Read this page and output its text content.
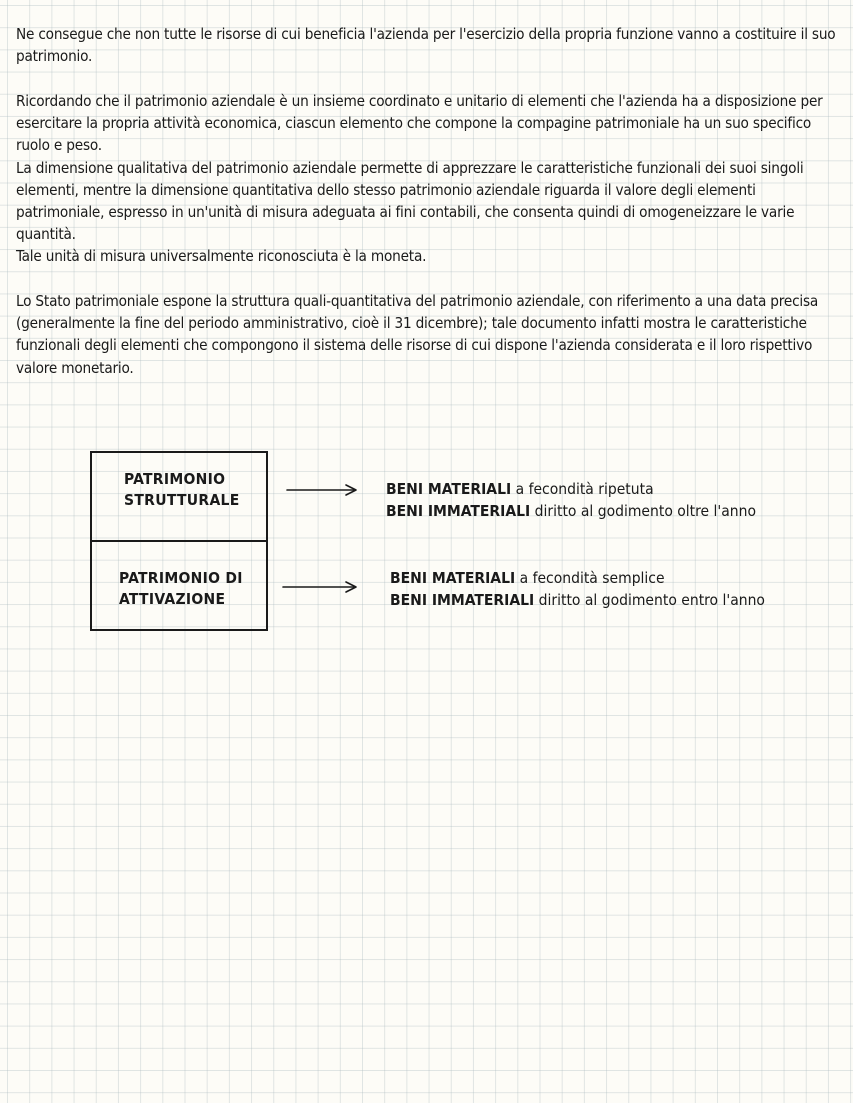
Ne consegue che non tutte le risorse di cui beneficia l'azienda per l'esercizio della propria funzione vanno a costituire il suo patrimonio.

Ricordando che il patrimonio aziendale è un insieme coordinato e unitario di elementi che l'azienda ha a disposizione per esercitare la propria attività economica, ciascun elemento che compone la compagine patrimoniale ha un suo specifico ruolo e peso.

La dimensione qualitativa del patrimonio aziendale permette di apprezzare le caratteristiche funzionali dei suoi singoli elementi, mentre la dimensione quantitativa dello stesso patrimonio aziendale riguarda il valore degli elementi patrimoniale, espresso in un'unità di misura adeguata ai fini contabili, che consenta quindi di omogeneizzare le varie quantità.

Tale unità di misura universalmente riconosciuta è la moneta.

Lo Stato patrimoniale espone la struttura quali-quantitativa del patrimonio aziendale, con riferimento a una data precisa (generalmente la fine del periodo amministrativo, cioè il 31 dicembre); tale documento infatti mostra le caratteristiche funzionali degli elementi che compongono il sistema delle risorse di cui dispone l'azienda considerata e il loro rispettivo valore monetario.

PATRIMONIO
STRUTTURALE
PATRIMONIO DI
ATTIVAZIONE
BENI MATERIALI a fecondità ripetuta
BENI IMMATERIALI diritto al godimento oltre l'anno
BENI MATERIALI a fecondità semplice
BENI IMMATERIALI diritto al godimento entro l'anno
